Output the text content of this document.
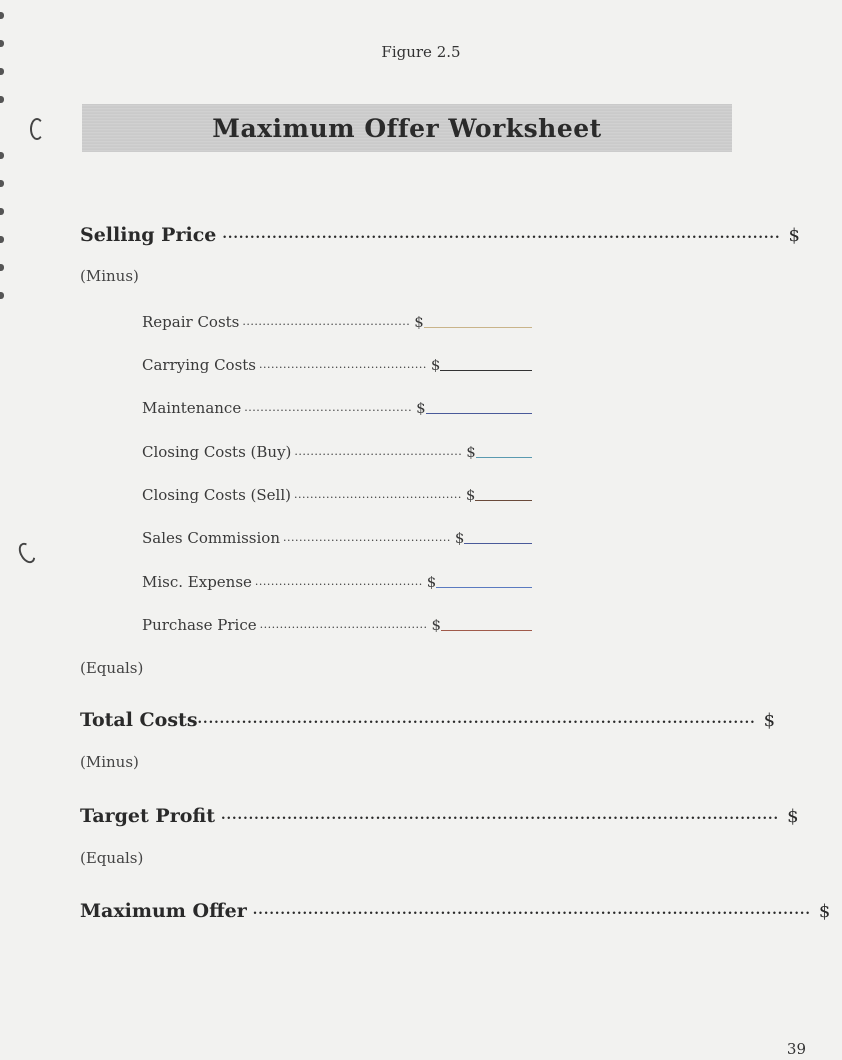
Figure 2.5
Maximum Offer Worksheet
Selling Price ..................................................................................................... $
(Minus)
Repair Costs .......................................... $
Carrying Costs .......................................... $
Maintenance .......................................... $
Closing Costs (Buy) .......................................... $
Closing Costs (Sell) .......................................... $
Sales Commission .......................................... $
Misc. Expense .......................................... $
Purchase Price .......................................... $
(Equals)
Total Costs ..................................................................................................... $
(Minus)
Target Profit ..................................................................................................... $
(Equals)
Maximum Offer ..................................................................................................... $
39
